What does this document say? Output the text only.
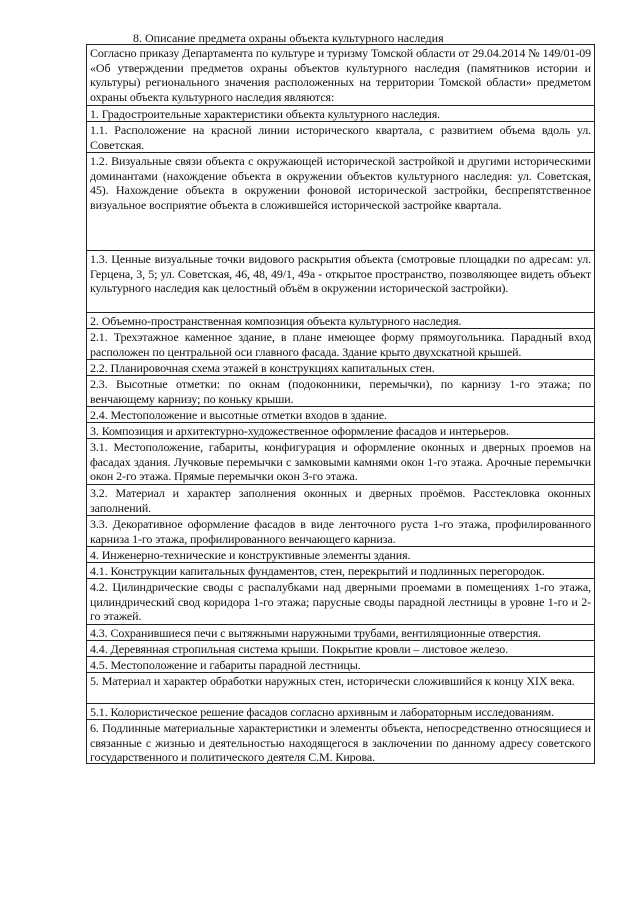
8. Описание предмета охраны объекта культурного наследия

Согласно приказу Департамента по культуре и туризму Томской области от 29.04.2014 № 149/01-09 «Об утверждении предметов охраны объектов культурного наследия (памятников истории и культуры) регионального значения расположенных на территории Томской области» предметом охраны объекта культурного наследия являются:

1. Градостроительные характеристики объекта культурного наследия.

1.1. Расположение на красной линии исторического квартала, с развитием объема вдоль ул. Советская.

1.2. Визуальные связи объекта с окружающей исторической застройкой и другими историческими доминантами (нахождение объекта в окружении объектов культурного наследия: ул. Советская, 45). Нахождение объекта в окружении фоновой исторической застройки, беспрепятственное визуальное восприятие объекта в сложившейся исторической застройке квартала.

1.3. Ценные визуальные точки видового раскрытия объекта (смотровые площадки по адресам: ул. Герцена, 3, 5; ул. Советская, 46, 48, 49/1, 49а - открытое пространство, позволяющее видеть объект культурного наследия как целостный объём в окружении исторической застройки).

2. Объемно-пространственная композиция объекта культурного наследия.

2.1. Трехэтажное каменное здание, в плане имеющее форму прямоугольника. Парадный вход расположен по центральной оси главного фасада. Здание крыто двухскатной крышей.

2.2. Планировочная схема этажей в конструкциях капитальных стен.

2.3. Высотные отметки: по окнам (подоконники, перемычки), по карнизу 1-го этажа; по венчающему карнизу; по коньку крыши.

2.4. Местоположение и высотные отметки входов в здание.

3. Композиция и архитектурно-художественное оформление фасадов и интерьеров.

3.1. Местоположение, габариты, конфигурация и оформление оконных и дверных проемов на фасадах здания. Лучковые перемычки с замковыми камнями окон 1-го этажа. Арочные перемычки окон 2-го этажа. Прямые перемычки окон 3-го этажа.

3.2. Материал и характер заполнения оконных и дверных проёмов. Расстекловка оконных заполнений.

3.3. Декоративное оформление фасадов в виде ленточного руста 1-го этажа, профилированного карниза 1-го этажа, профилированного венчающего карниза.

4. Инженерно-технические и конструктивные элементы здания.

4.1. Конструкции капитальных фундаментов, стен, перекрытий и подлинных перегородок.

4.2. Цилиндрические своды с распалубками над дверными проемами в помещениях 1-го этажа, цилиндрический свод коридора 1-го этажа; парусные своды парадной лестницы в уровне 1-го и 2-го этажей.

4.3. Сохранившиеся печи с вытяжными наружными трубами, вентиляционные отверстия.

4.4. Деревянная стропильная система крыши. Покрытие кровли – листовое железо.

4.5. Местоположение и габариты парадной лестницы.

5. Материал и характер обработки наружных стен, исторически сложившийся к концу XIX века.

5.1. Колористическое решение фасадов согласно архивным и лабораторным исследованиям.

6. Подлинные материальные характеристики и элементы объекта, непосредственно относящиеся и связанные с жизнью и деятельностью находящегося в заключении по данному адресу советского государственного и политического деятеля С.М. Кирова.
